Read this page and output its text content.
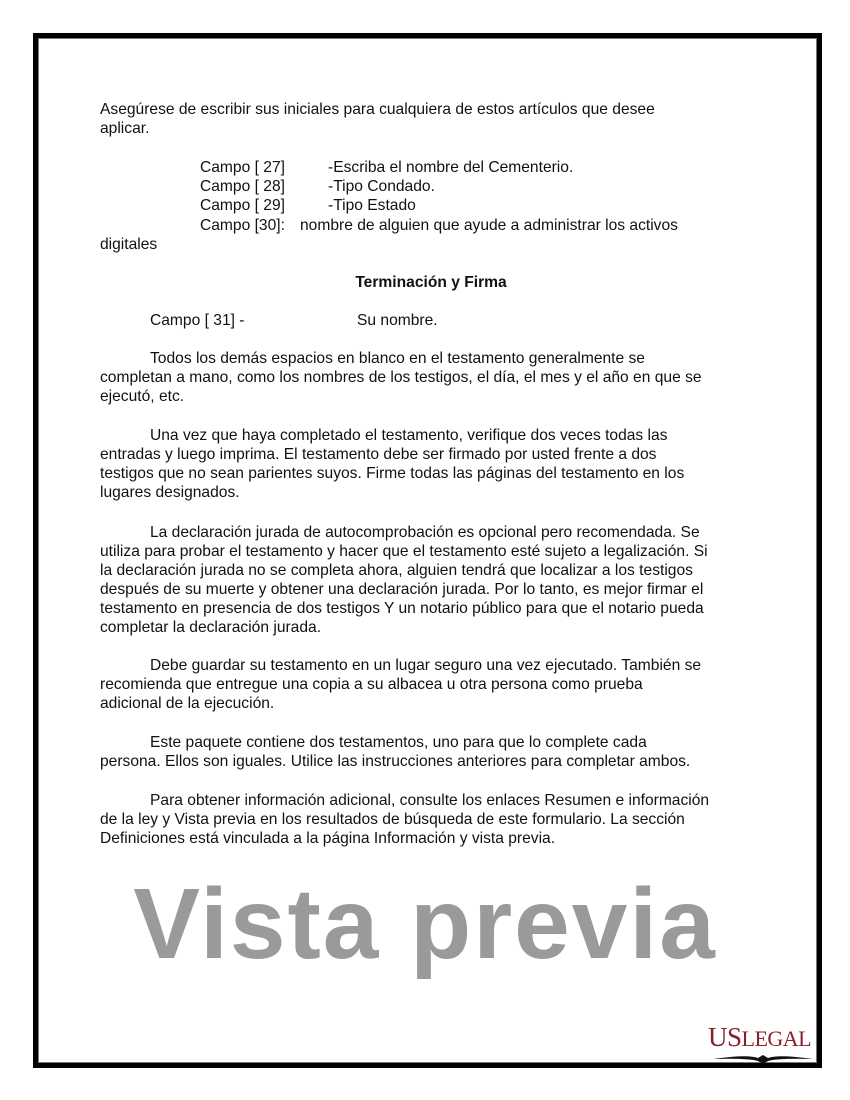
Asegúrese de escribir sus iniciales para cualquiera de estos artículos que desee
aplicar.
Campo [ 27]	-Escriba el nombre del Cementerio.
Campo [ 28]	-Tipo Condado.
Campo [ 29]	-Tipo Estado
Campo [30]: nombre de alguien que ayude a administrar los activos
digitales
Terminación y Firma
Campo [ 31] -	Su nombre.
Todos los demás espacios en blanco en el testamento generalmente se
completan a mano, como los nombres de los testigos, el día, el mes y el año en que se
ejecutó, etc.
Una vez que haya completado el testamento, verifique dos veces todas las
entradas y luego imprima. El testamento debe ser firmado por usted frente a dos
testigos que no sean parientes suyos. Firme todas las páginas del testamento en los
lugares designados.
La declaración jurada de autocomprobación es opcional pero recomendada. Se
utiliza para probar el testamento y hacer que el testamento esté sujeto a legalización. Si
la declaración jurada no se completa ahora, alguien tendrá que localizar a los testigos
después de su muerte y obtener una declaración jurada. Por lo tanto, es mejor firmar el
testamento en presencia de dos testigos Y un notario público para que el notario pueda
completar la declaración jurada.
Debe guardar su testamento en un lugar seguro una vez ejecutado. También se
recomienda que entregue una copia a su albacea u otra persona como prueba
adicional de la ejecución.
Este paquete contiene dos testamentos, uno para que lo complete cada
persona. Ellos son iguales. Utilice las instrucciones anteriores para completar ambos.
Para obtener información adicional, consulte los enlaces Resumen e información
de la ley y Vista previa en los resultados de búsqueda de este formulario. La sección
Definiciones está vinculada a la página Información y vista previa.
Vista previa
USLEGAL
